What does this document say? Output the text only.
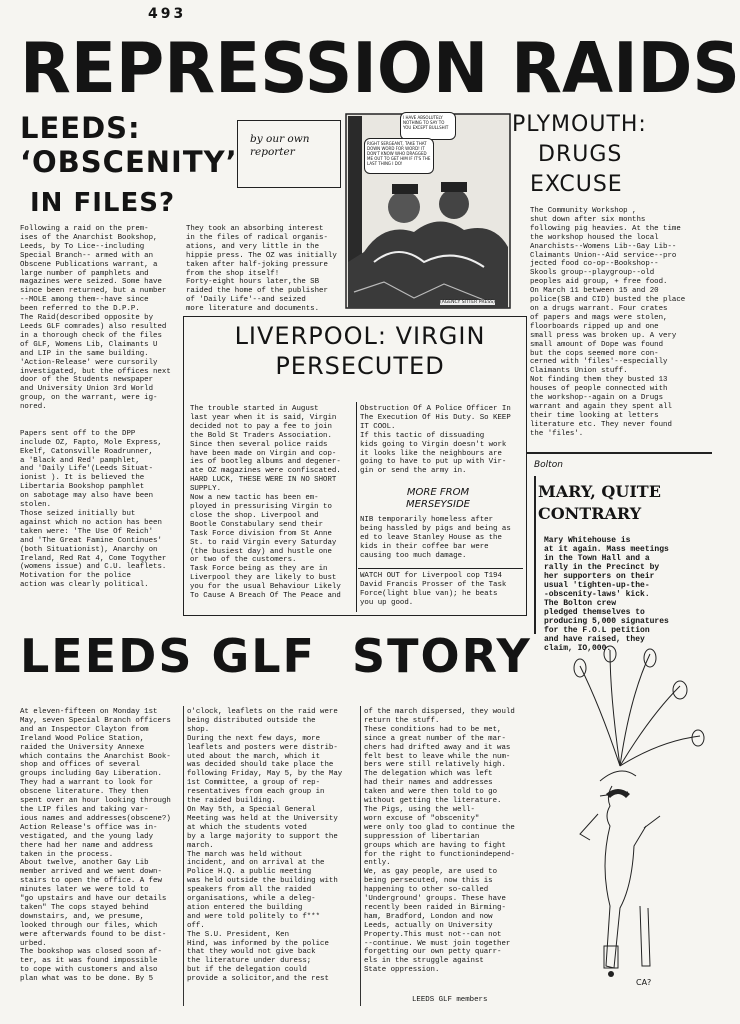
493
REPRESSION RAIDS
LEEDS:
‘OBSCENITY’
IN FILES?
by our own
reporter

Following a raid on the prem-
ises of the Anarchist Bookshop,
Leeds, by To Lice--including
Special Branch-- armed with an
Obscene Publications warrant, a
large number of pamphlets and
magazines were seized. Some have
since been returned, but a number
--MOLE among them--have since
been referred to the D.P.P.
The Raid(described opposite by
Leeds GLF comrades) also resulted
in a thorough check of the files
of GLF, Womens Lib, Claimants U
and LIP in the same building.
'Action-Release' were cursorily
investigated, but the offices next
door of the Students newspaper
and University Union 3rd World
group, on the warrant, were ig-
nored.

Papers sent off to the DPP
include OZ, Fapto, Mole Express,
Ekelf, Catonsville Roadrunner,
a 'Black and Red' pamphlet,
and 'Daily Life'(Leeds Situat-
ionist ). It is believed the
Libertaria Bookshop pamphlet
on sabotage may also have been
stolen.
Those seized initially but
against which no action has been
taken were: 'The Use Of Reich'
and 'The Great Famine Continues'
(both Situationist), Anarchy on
Ireland, Red Rat 4, Come Togyther
(womens issue) and C.U. leaflets.
Motivation for the police
action was clearly political.

They took an absorbing interest
in the files of radical organis-
ations, and very little in the
hippie press. The OZ was initially
taken after half-joking pressure
from the shop itself!
Forty-eight hours later,the SB
raided the home of the publisher
of 'Daily Life'--and seized
more literature and documents.

I HAVE ABSOLUTELY NOTHING TO SAY TO YOU EXCEPT BULLSHIT
RIGHT SERGEANT, TAKE THAT DOWN WORD FOR WORD! IT DON'T KNOW WHO DRAGGED ME OUT TO GET HIM IF IT'S THE LAST THING I DO!
(AGENCY SITTER PRESS)
PLYMOUTH:
DRUGS
EXCUSE

The Community Workshop ,
shut down after six months
following pig heavies. At the time
the workshop housed the local
Anarchists--Womens Lib--Gay Lib--
Claimants Union--Aid service--pro
jected food co-op--Bookshop--
Skools group--playgroup--old
peoples aid group, + free food.
On March 11 between 15 and 20
police(SB and CID) busted the place
on a drugs warrant. Four crates
of papers and mags were stolen,
floorboards ripped up and one
small press was broken up. A very
small amount of Dope was found
but the cops seemed more con-
cerned with 'files'--especially
Claimants Union stuff.
Not finding them they busted 13
houses of people connected with
the workshop--again on a Drugs
warrant and again they spent all
their time looking at letters
literature etc. They never found
the 'files'.

LIVERPOOL: VIRGIN
PERSECUTED

The trouble started in August
last year when it is said, Virgin
decided not to pay a fee to join
the Bold St Traders Association.
Since then several police raids
have been made on Virgin and cop-
ies of bootleg albums and degener-
ate OZ magazines were confiscated.
HARD LUCK, THESE WERE IN NO SHORT
SUPPLY.
Now a new tactic has been em-
ployed in pressurising Virgin to
close the shop. Liverpool and
Bootle Constabulary send their
Task Force division from St Anne
St. to raid Virgin every Saturday
(the busiest day) and hustle one
or two of the customers.
Task Force being as they are in
Liverpool they are likely to bust
you for the usual Behaviour Likely
To Cause A Breach Of The Peace and

Obstruction Of A Police Officer In
The Execution Of His Duty. So KEEP
IT COOL.
If this tactic of dissuading
kids going to Virgin doesn't work
it looks like the neighbours are
going to have to put up with Vir-
gin or send the army in.

MORE FROM
MERSEYSIDE

NIB temporarily homeless after
being hassled by pigs and being as
ed to leave Stanley House as the
kids in their coffee bar were
causing too much damage.

WATCH OUT for Liverpool cop T194
David Francis Prosser of the Task
Force(light blue van); he beats
you up good.

Bolton
MARY, QUITE
CONTRARY

Mary Whitehouse is
at it again. Mass meetings
in the Town Hall and a
rally in the Precinct by
her supporters on their
usual 'tighten-up-the-
-obscenity-laws' kick.
The Bolton crew
pledged themselves to
producing 5,000 signatures
for the F.O.L petition
and have raised, they
claim, IO,000.

LEEDS GLF  STORY

At eleven-fifteen on Monday 1st
May, seven Special Branch officers
and an Inspector Clayton from
Ireland Wood Police Station,
raided the University Annexe
which contains the Anarchist Book-
shop and offices of several
groups including Gay Liberation.
They had a warrant to look for
obscene literature. They then
spent over an hour looking through
the LIP files and taking var-
ious names and addresses(obscene?)
Action Release's office was in-
vestigated, and the young lady
there had her name and address
taken in the process.
About twelve, another Gay Lib
member arrived and we went down-
stairs to open the office. A few
minutes later we were told to
"go upstairs and have our details
taken" The cops stayed behind
downstairs, and, we presume,
looked through our files, which
were afterwards found to be dist-
urbed.
The bookshop was closed soon af-
ter, as it was found impossible
to cope with customers and also
plan what was to be done. By 5

o'clock, leaflets on the raid were
being distributed outside the
shop.
During the next few days, more
leaflets and posters were distrib-
uted about the march, which it
was decided should take place the
following Friday, May 5, by the May
1st Committee, a group of rep-
resentatives from each group in
the raided building.
On May 5th, a Special General
Meeting was held at the University
at which the students voted
by a large majority to support the
march.
The march was held without
incident, and on arrival at the
Police H.Q. a public meeting
was held outside the building with
speakers from all the raided
organisations, while a deleg-
ation entered the building
and were told politely to f***
off.
The S.U. President, Ken
Hind, was informed by the police
that they would not give back
the literature under duress;
but if the delegation could
provide a solicitor,and the rest

of the march dispersed, they would
return the stuff.
These conditions had to be met,
since a great number of the mar-
chers had drifted away and it was
felt best to leave while the num-
bers were still relatively high.
The delegation which was left
had their names and addresses
taken and were then told to go
without getting the literature.
The Pigs, using the well-
worn excuse of "obscenity"
were only too glad to continue the
suppression of libertarian
groups which are having to fight
for the right to functionindepend-
ently.
We, as gay people, are used to
being persecuted, now this is
happening to other so-called
'Underground' groups. These have
recently been raided in Birming-
ham, Bradford, London and now
Leeds, actually on University
Property.This must not--can not
--continue. We must join together
forgetting our own petty quarr-
els in the struggle against
State oppression.

LEEDS GLF members
CA?
